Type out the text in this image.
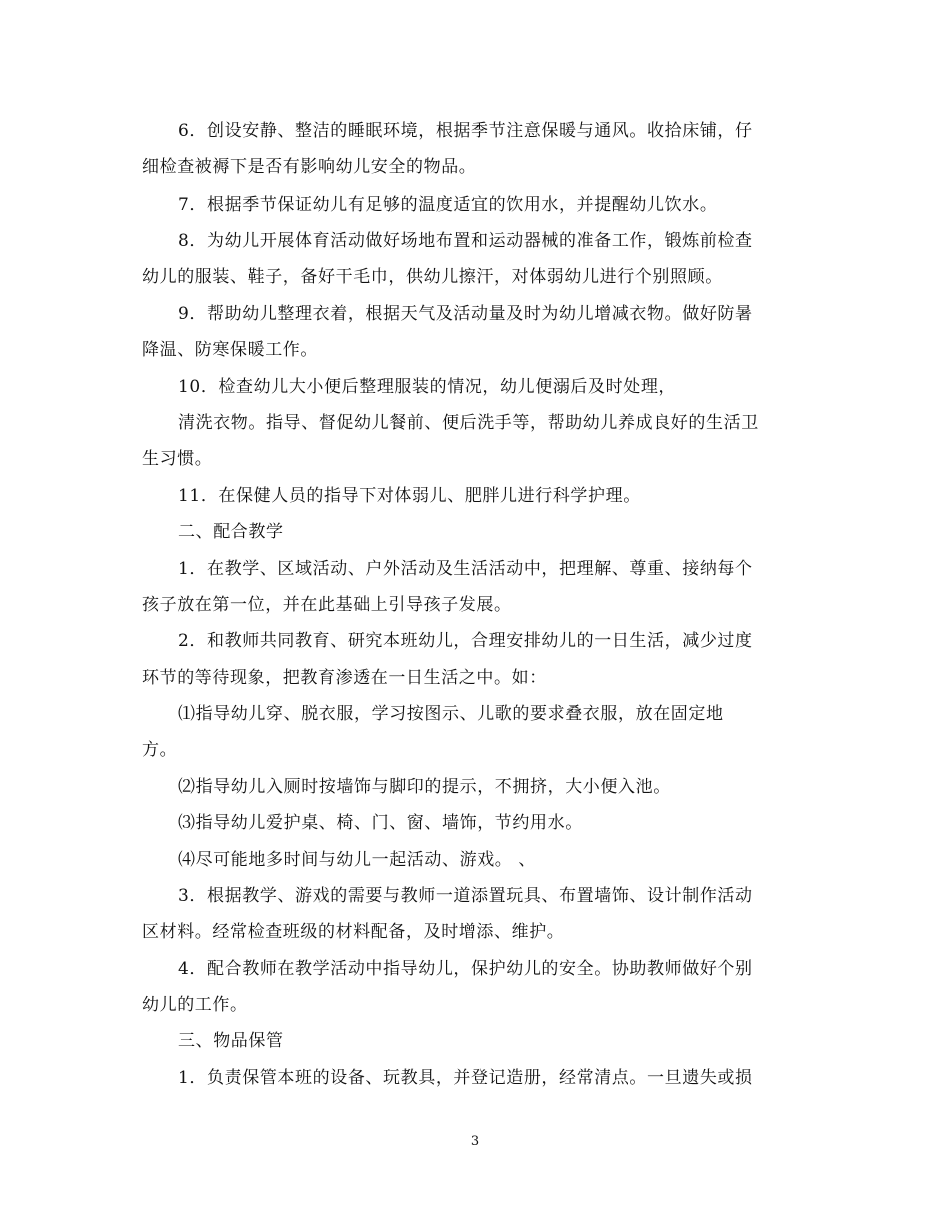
6．创设安静、整洁的睡眠环境，根据季节注意保暖与通风。收拾床铺，仔
细检查被褥下是否有影响幼儿安全的物品。
7．根据季节保证幼儿有足够的温度适宜的饮用水，并提醒幼儿饮水。
8．为幼儿开展体育活动做好场地布置和运动器械的准备工作，锻炼前检查
幼儿的服装、鞋子，备好干毛巾，供幼儿擦汗，对体弱幼儿进行个别照顾。
9．帮助幼儿整理衣着，根据天气及活动量及时为幼儿增减衣物。做好防暑
降温、防寒保暖工作。
10．检查幼儿大小便后整理服装的情况，幼儿便溺后及时处理，
清洗衣物。指导、督促幼儿餐前、便后洗手等，帮助幼儿养成良好的生活卫
生习惯。
11．在保健人员的指导下对体弱儿、肥胖儿进行科学护理。
二、配合教学
1．在教学、区域活动、户外活动及生活活动中，把理解、尊重、接纳每个
孩子放在第一位，并在此基础上引导孩子发展。
2．和教师共同教育、研究本班幼儿，合理安排幼儿的一日生活，减少过度
环节的等待现象，把教育渗透在一日生活之中。如：
⑴指导幼儿穿、脱衣服，学习按图示、儿歌的要求叠衣服，放在固定地
方。
⑵指导幼儿入厕时按墙饰与脚印的提示，不拥挤，大小便入池。
⑶指导幼儿爱护桌、椅、门、窗、墙饰，节约用水。
⑷尽可能地多时间与幼儿一起活动、游戏。 、
3．根据教学、游戏的需要与教师一道添置玩具、布置墙饰、设计制作活动
区材料。经常检查班级的材料配备，及时增添、维护。
4．配合教师在教学活动中指导幼儿，保护幼儿的安全。协助教师做好个别
幼儿的工作。
三、物品保管
1．负责保管本班的设备、玩教具，并登记造册，经常清点。一旦遗失或损
3
